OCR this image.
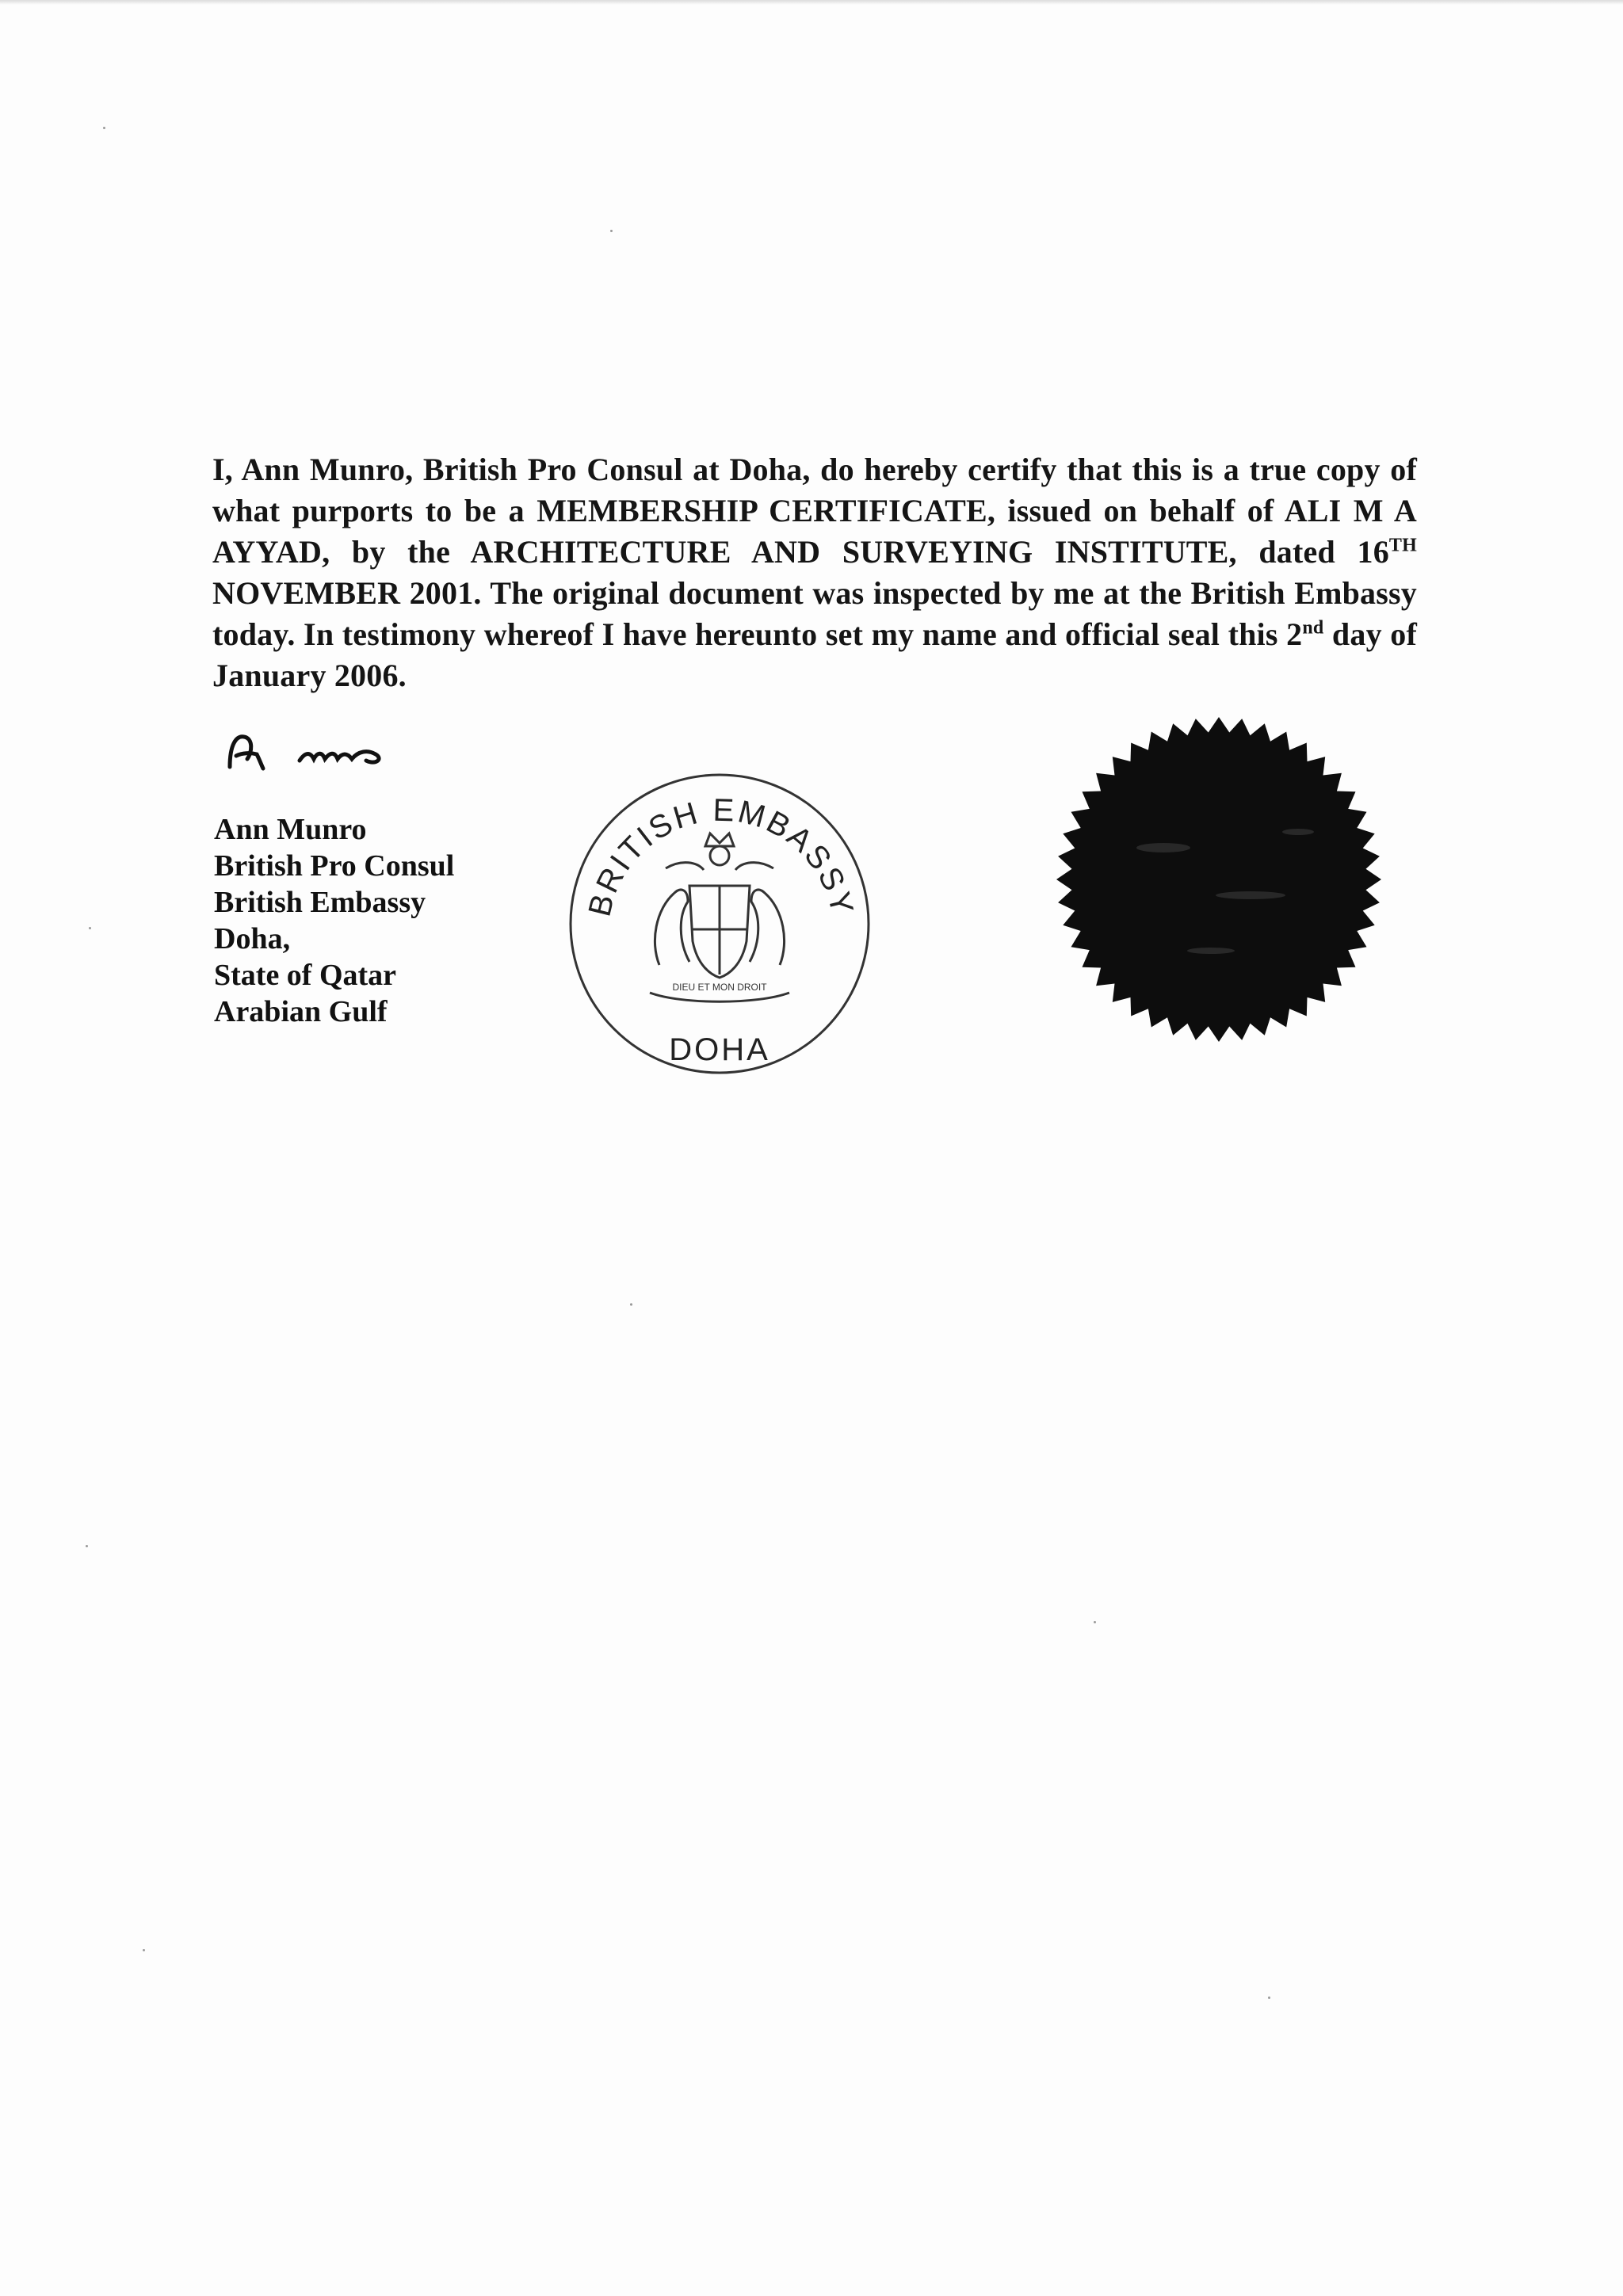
I, Ann Munro, British Pro Consul at Doha, do hereby certify that this is a true copy of what purports to be a MEMBERSHIP CERTIFICATE, issued on behalf of ALI M A AYYAD, by the ARCHITECTURE AND SURVEYING INSTITUTE, dated 16TH NOVEMBER 2001. The original document was inspected by me at the British Embassy today. In testimony whereof I have hereunto set my name and official seal this 2nd day of January 2006.
Ann Munro
British Pro Consul
British Embassy
Doha,
State of Qatar
Arabian Gulf
BRITISH EMBASSY
DOHA
DIEU ET MON DROIT
